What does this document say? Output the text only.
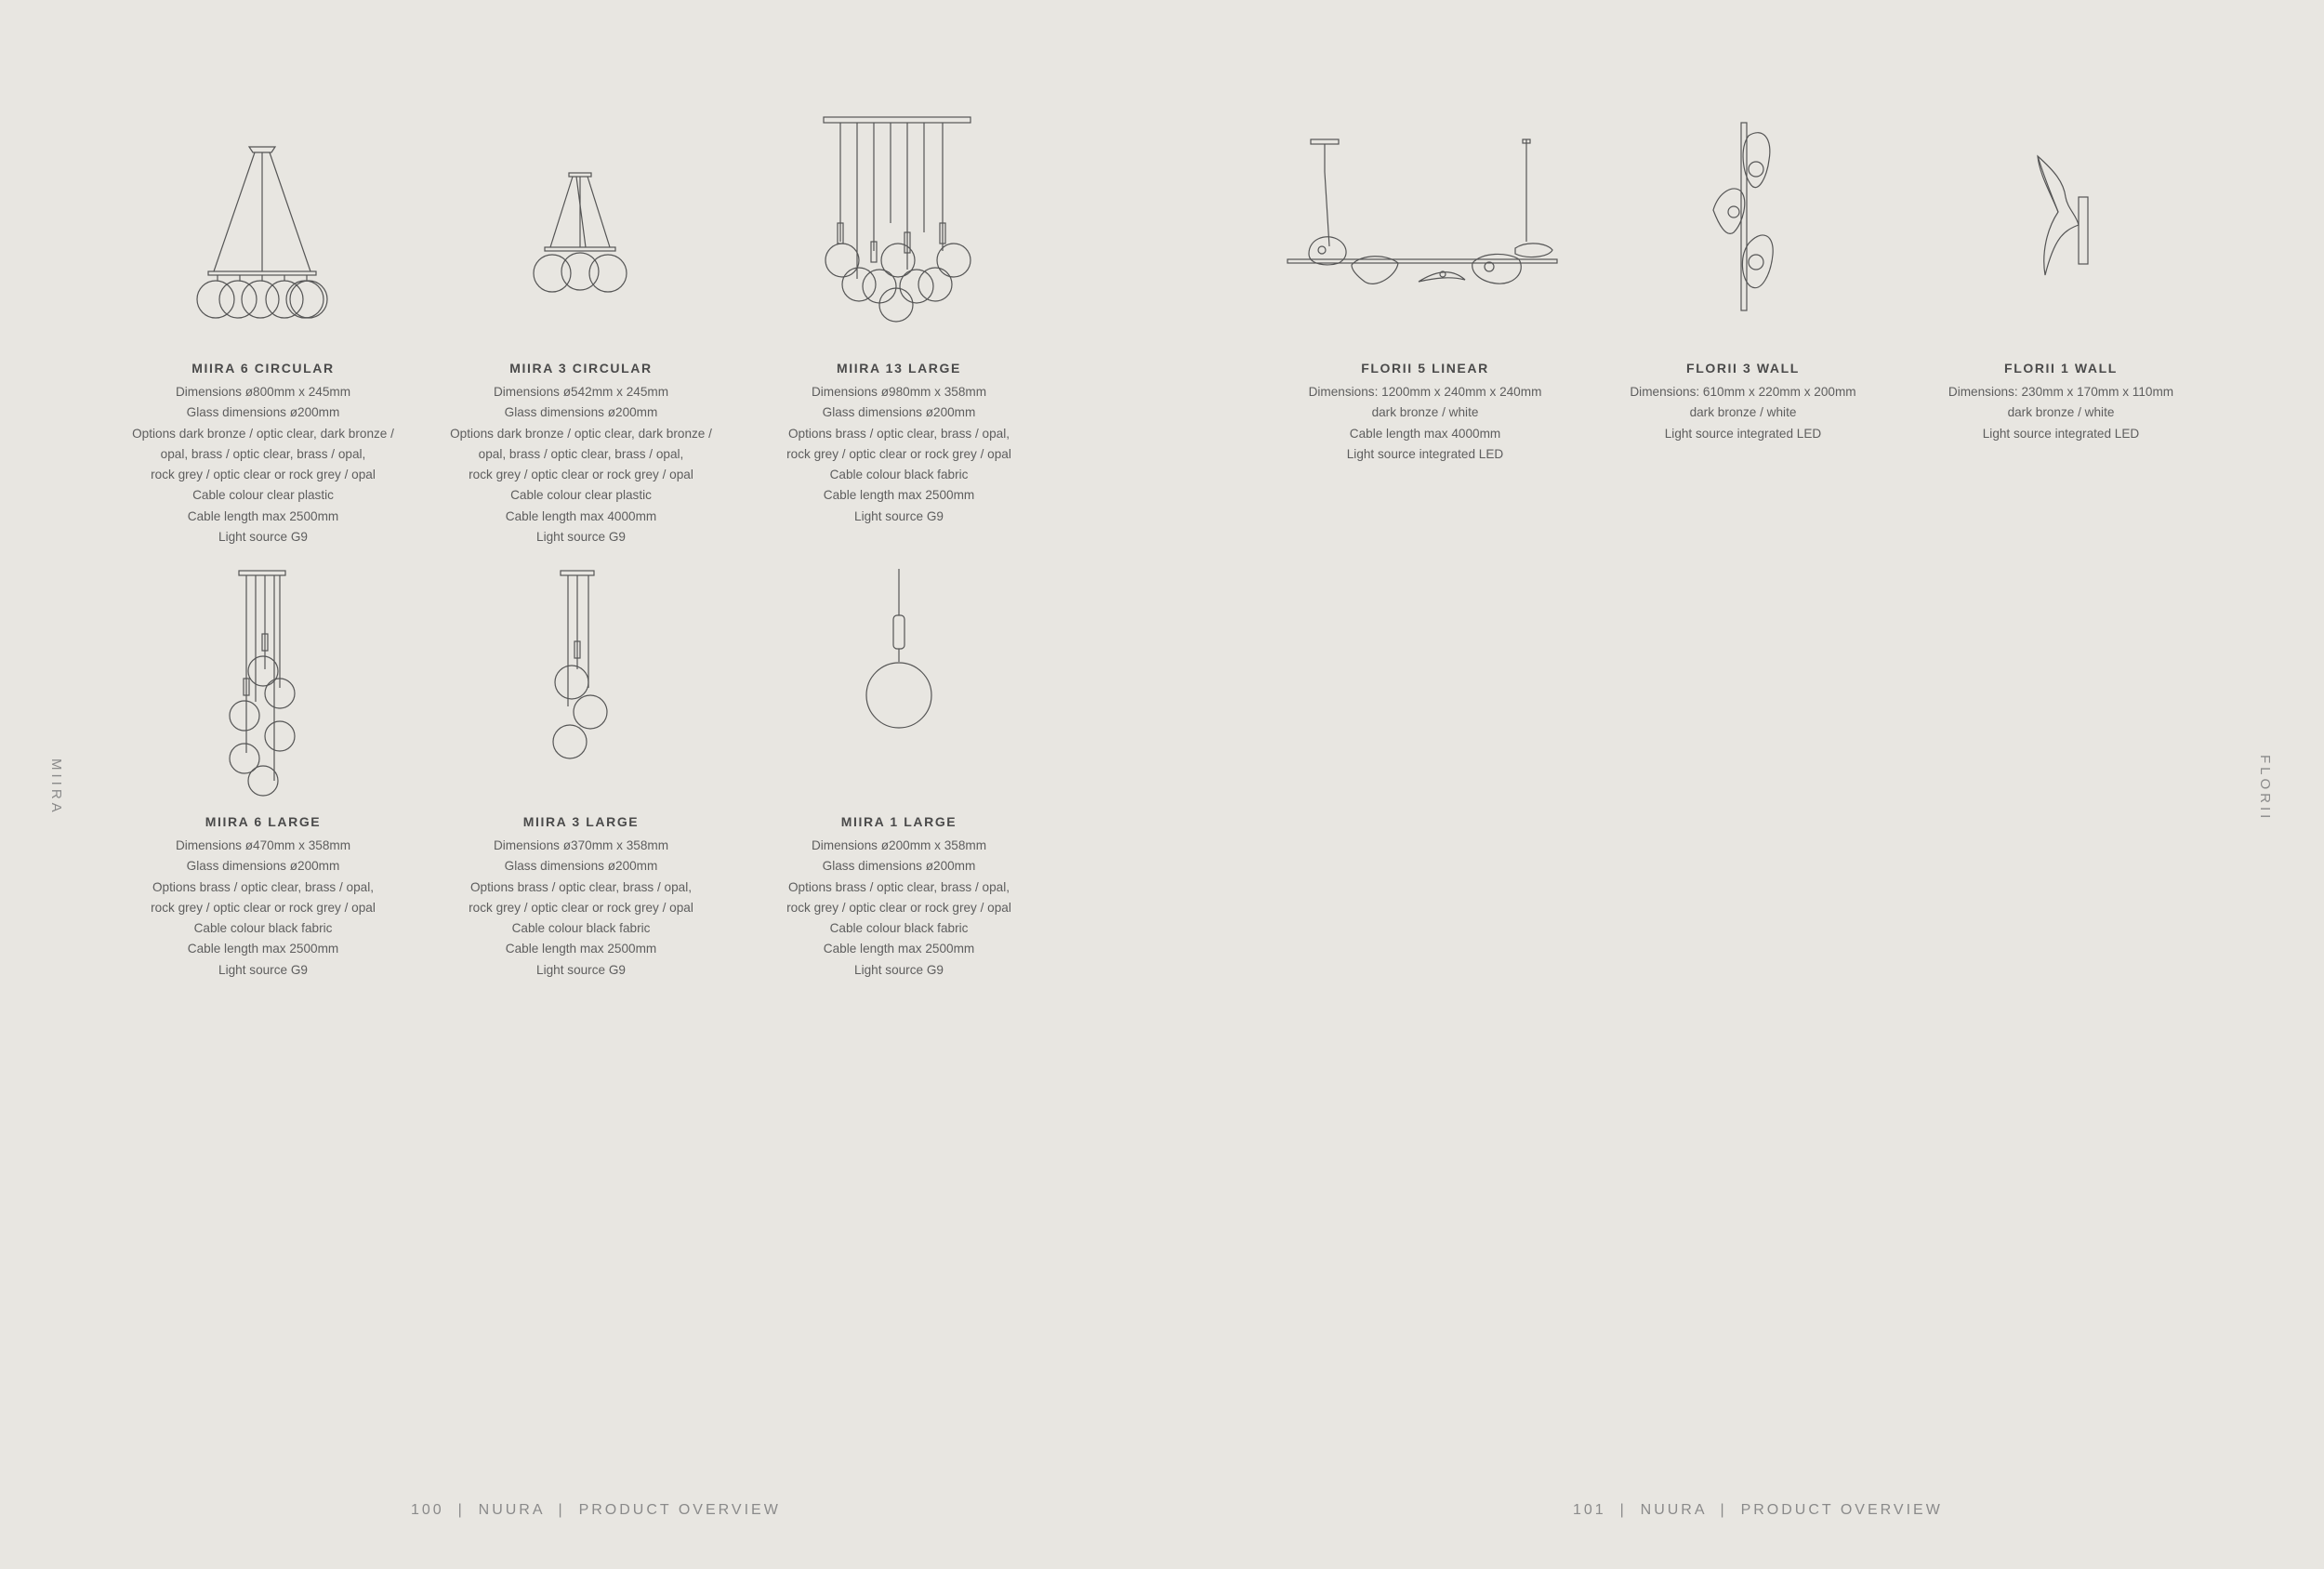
MIIRA 6 CIRCULAR

Dimensions ø800mm x 245mm

Glass dimensions ø200mm

Options dark bronze / optic clear, dark bronze /

opal, brass / optic clear, brass / opal,

rock grey / optic clear or rock grey / opal

Cable colour clear plastic

Cable length max 2500mm

Light source G9

MIIRA 3 CIRCULAR

Dimensions ø542mm x 245mm

Glass dimensions ø200mm

Options dark bronze / optic clear, dark bronze /

opal, brass / optic clear, brass / opal,

rock grey / optic clear or rock grey / opal

Cable colour clear plastic

Cable length max 4000mm

Light source G9

MIIRA 13 LARGE

Dimensions ø980mm x 358mm

Glass dimensions ø200mm

Options brass / optic clear, brass / opal,

rock grey / optic clear or rock grey / opal

Cable colour black fabric

Cable length max 2500mm

Light source G9

MIIRA 6 LARGE

Dimensions ø470mm x 358mm

Glass dimensions ø200mm

Options brass / optic clear, brass / opal,

rock grey / optic clear or rock grey / opal

Cable colour black fabric

Cable length max 2500mm

Light source G9

MIIRA 3 LARGE

Dimensions ø370mm x 358mm

Glass dimensions ø200mm

Options brass / optic clear, brass / opal,

rock grey / optic clear or rock grey / opal

Cable colour black fabric

Cable length max 2500mm

Light source G9

MIIRA 1 LARGE

Dimensions ø200mm x 358mm

Glass dimensions ø200mm

Options brass / optic clear, brass / opal,

rock grey / optic clear or rock grey / opal

Cable colour black fabric

Cable length max 2500mm

Light source G9

FLORII 5 LINEAR

Dimensions: 1200mm x 240mm x 240mm

dark bronze / white

Cable length max 4000mm

Light source integrated LED

FLORII 3 WALL

Dimensions: 610mm x 220mm x 200mm

dark bronze / white

Light source integrated LED

FLORII 1 WALL

Dimensions: 230mm x 170mm x 110mm

dark bronze / white

Light source integrated LED

MIIRA	FLORII
100  |  NUURA  |  PRODUCT OVERVIEW	101  |  NUURA  |  PRODUCT OVERVIEW
